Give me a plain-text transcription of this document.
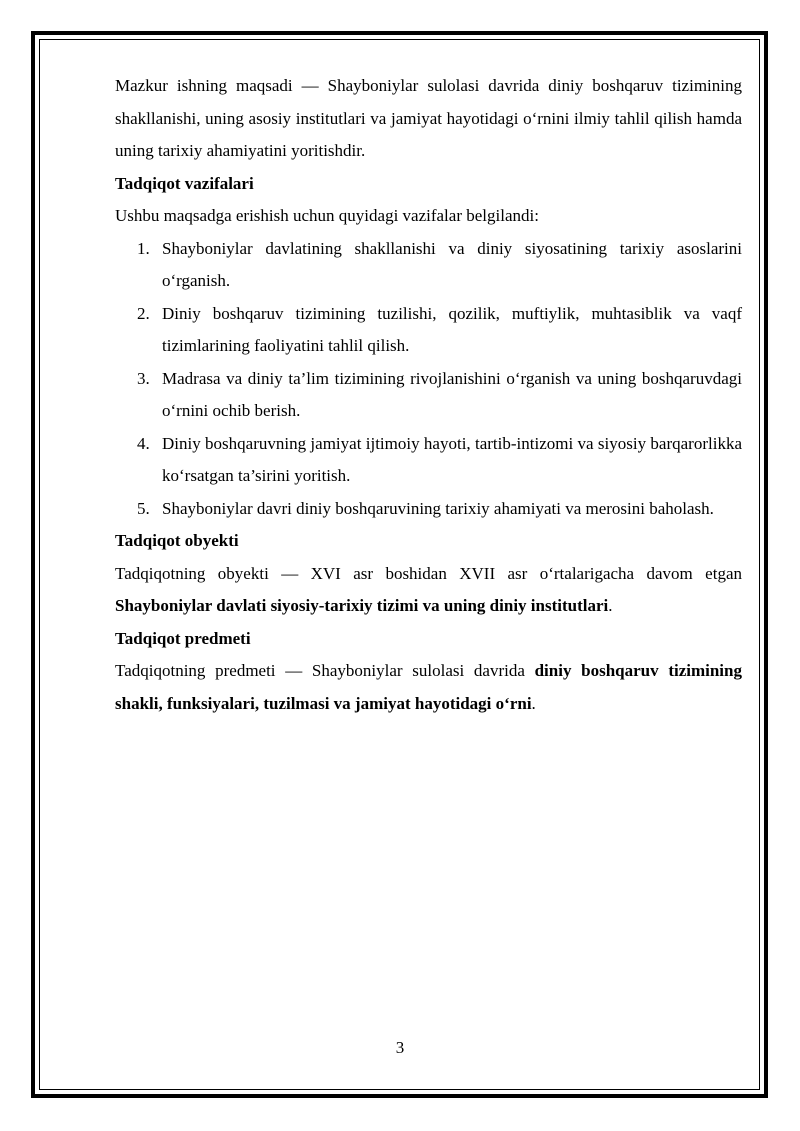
Mazkur ishning maqsadi — Shayboniylar sulolasi davrida diniy boshqaruv tizimining shakllanishi, uning asosiy institutlari va jamiyat hayotidagi o‘rnini ilmiy tahlil qilish hamda uning tarixiy ahamiyatini yoritishdir.

Tadqiqot vazifalari

Ushbu maqsadga erishish uchun quyidagi vazifalar belgilandi:

1. Shayboniylar davlatining shakllanishi va diniy siyosatining tarixiy asoslarini o‘rganish.
2. Diniy boshqaruv tizimining tuzilishi, qozilik, muftiylik, muhtasiblik va vaqf tizimlarining faoliyatini tahlil qilish.
3. Madrasa va diniy ta’lim tizimining rivojlanishini o‘rganish va uning boshqaruvdagi o‘rnini ochib berish.
4. Diniy boshqaruvning jamiyat ijtimoiy hayoti, tartib-intizomi va siyosiy barqarorlikka ko‘rsatgan ta’sirini yoritish.
5. Shayboniylar davri diniy boshqaruvining tarixiy ahamiyati va merosini baholash.

Tadqiqot obyekti

Tadqiqotning obyekti — XVI asr boshidan XVII asr o‘rtalarigacha davom etgan Shayboniylar davlati siyosiy-tarixiy tizimi va uning diniy institutlari.

Tadqiqot predmeti

Tadqiqotning predmeti — Shayboniylar sulolasi davrida diniy boshqaruv tizimining shakli, funksiyalari, tuzilmasi va jamiyat hayotidagi o‘rni.

3
